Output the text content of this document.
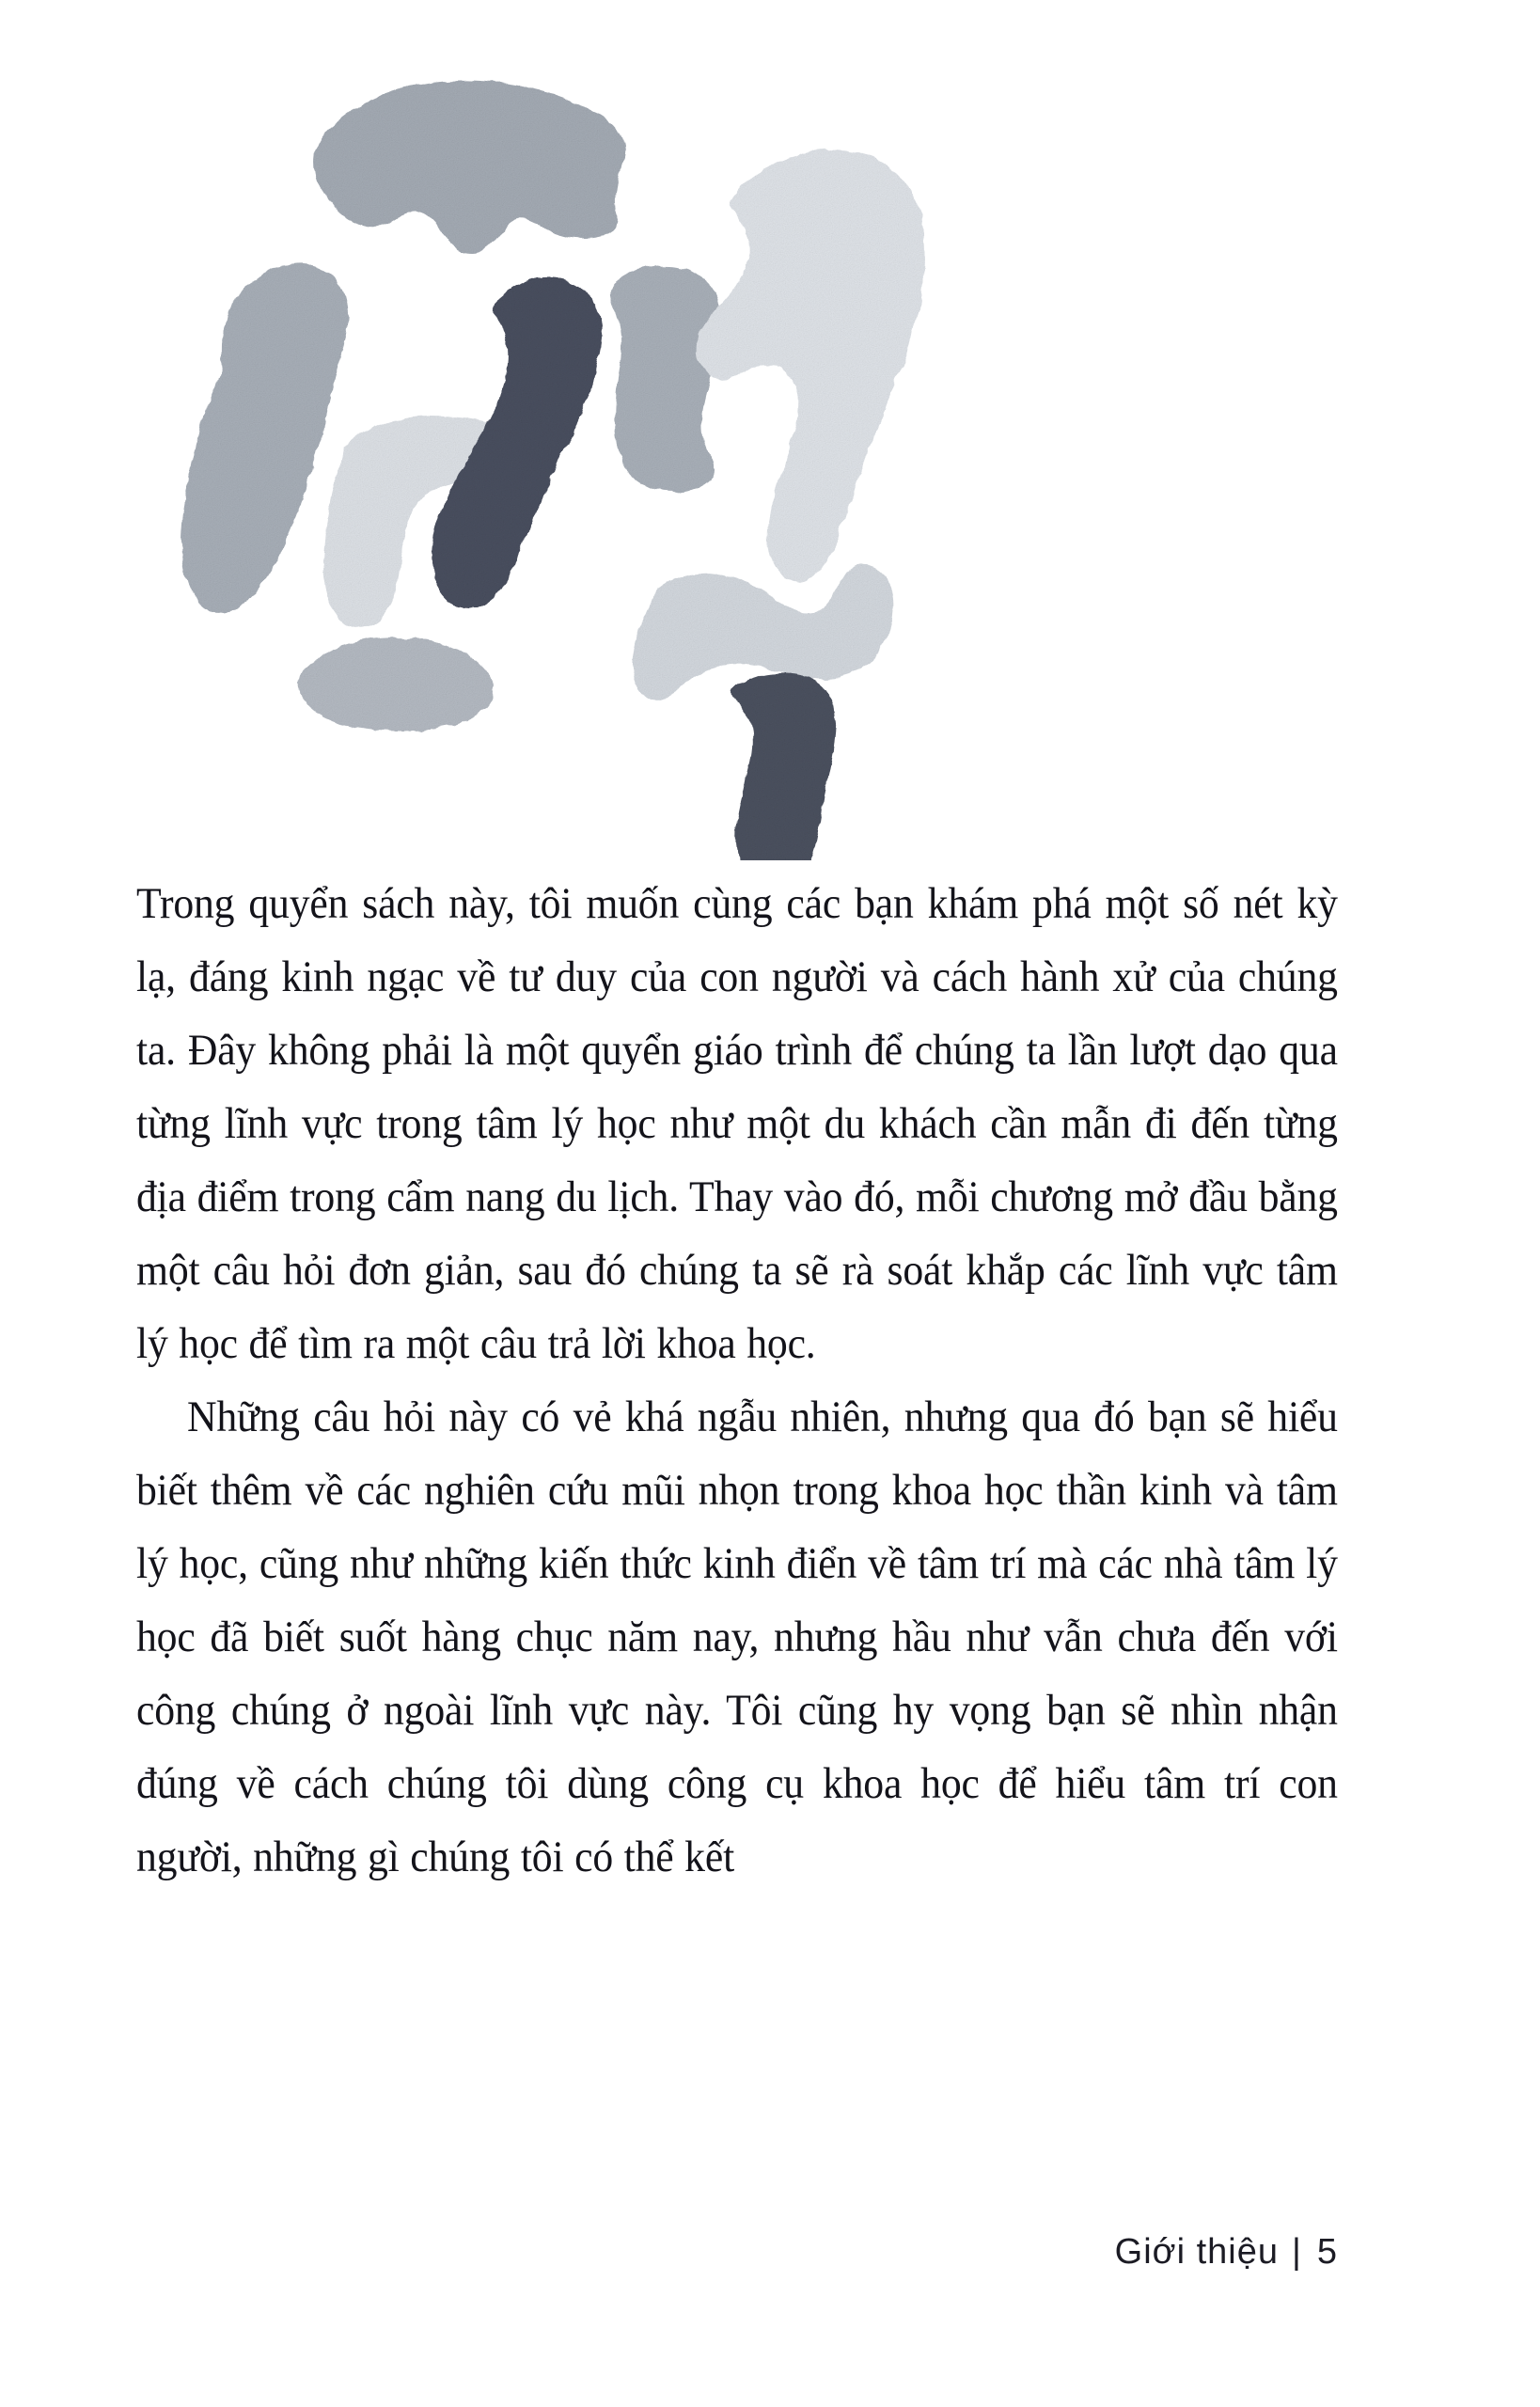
Trong quyển sách này, tôi muốn cùng các bạn khám phá một số nét kỳ lạ, đáng kinh ngạc về tư duy của con người và cách hành xử của chúng ta. Đây không phải là một quyển giáo trình để chúng ta lần lượt dạo qua từng lĩnh vực trong tâm lý học như một du khách cần mẫn đi đến từng địa điểm trong cẩm nang du lịch. Thay vào đó, mỗi chương mở đầu bằng một câu hỏi đơn giản, sau đó chúng ta sẽ rà soát khắp các lĩnh vực tâm lý học để tìm ra một câu trả lời khoa học.

Những câu hỏi này có vẻ khá ngẫu nhiên, nhưng qua đó bạn sẽ hiểu biết thêm về các nghiên cứu mũi nhọn trong khoa học thần kinh và tâm lý học, cũng như những kiến thức kinh điển về tâm trí mà các nhà tâm lý học đã biết suốt hàng chục năm nay, nhưng hầu như vẫn chưa đến với công chúng ở ngoài lĩnh vực này. Tôi cũng hy vọng bạn sẽ nhìn nhận đúng về cách chúng tôi dùng công cụ khoa học để hiểu tâm trí con người, những gì chúng tôi có thể kết

Giới thiệu | 5
